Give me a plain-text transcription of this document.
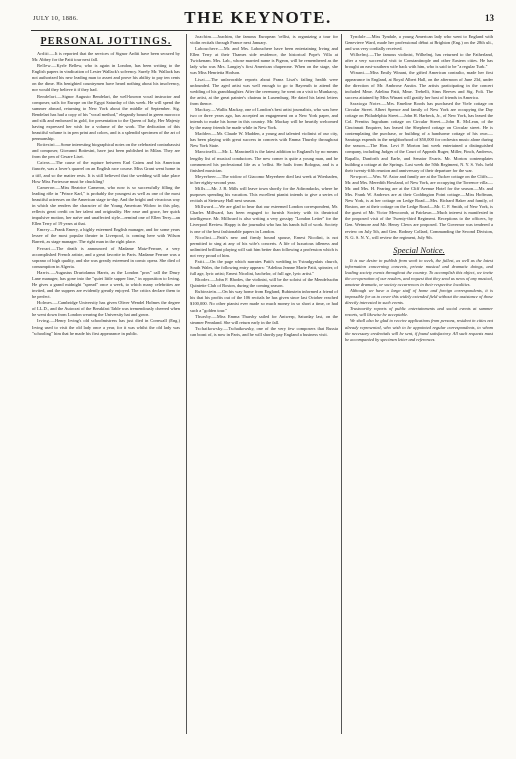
JULY 10, 1886.	THE KEYNOTE.	13
PERSONAL JOTTINGS.

Arditi.—It is reported that the services of Signor Arditi have been secured by Mr. Abbey for the Patti tour next fall.

Bellew.—Kyrle Bellew, who is again in London, has been writing to the English papers in vindication of Lester Wallack's solvency. Surely Mr. Wallack has not authorized his new leading man to assert and prove his ability to pay ten cents on the dime. His benighted countrymen have heard nothing about his insolvency, nor would they believe it if they had.

Bendelari.—Signor Augusto Bendelari, the well-known vocal instructor and composer, sails for Europe on the Egypt Saturday of this week. He will spend the summer abroad, returning to New York about the middle of September. Sig. Bendelari has had a copy of his "vocal method," elegantly bound in green morocco and silk and embossed in gold, for presentation to the Queen of Italy, Her Majesty having expressed her wish for a volume of the work. The dedication of this beautiful volume is in pen print and colors, and is a splendid specimen of the art of penmanship.

Bottesini.—Some interesting biographical notes on the celebrated contrabassist and composer, Giovanni Bottesini, have just been published in Milan. They are from the pen of Cesare Lisei.

Cairns.—The cause of the rupture between Earl Cairns and his American fiancée, was a lover's quarrel on an English race course. Miss Grant went home in a tiff, and so the matter rests. It is still believed that the wedding will take place How Miss Fortescue must be chuckling!

Cameron.—Miss Beatrice Cameron, who now is so successfully filling the leading rôle in "Prince Karl," is probably the youngest as well as one of the most beautiful actresses on the American stage to-day. And the bright and vivacious way in which she renders the character of the Young American Widow in this play, reflects great credit on her talent and originality. Her ease and grace, her quick impulsive motion, her naïve and unaffected style—remind one of Ellen Terry—an Ellen Terry of 19 years at that.

Emery—Frank Emery, a highly esteemed English manager, and for some years lessee of the most popular theatre in Liverpool, is coming here with Wilson Barrett, as stage manager. The right man in the right place.

Ferrari.—The death is announced of Madame Matz-Ferrare, a very accomplished French artiste, and a great favorite in Paris. Madame Ferrare was a soprano of high quality, and she was greatly esteemed in comic opera. She died of consumption in Algeria.

Harris.—Augustus Druriolanus Harris, as the London "pros" call the Drury Lane manager, has gone into the "quiet little supper line," in opposition to Irving. He gives a grand midnight "spread" once a week, to which many celebrities are invited, and the suppers are evidently greatly enjoyed. The critics declare them to be perfect.

Holmes.—Cambridge University has given Oliver Wendel Holmes the degree of LL.D., and the Autocrat of the Breakfast Table was tremendously cheered when he went down from London wearing the University hat and gown.

Irving.—Henry Irving's old schoolmistress has just died in Cornwall (Eng.) Irving used to visit the old lady once a year, for it was whilst the old lady was "schooling" him that he made his first appearance in public.

Joachim.—Joachim, the famous European 'cellist, is organizing a tour for violin recitals through France next January.

Labouchere.—Mr. and Mrs. Labouchere have been entertaining Irving and Ellen Terry at their Thames side residence, the historical Pope's Villa at Twickenam. Mrs. Lab., whose married name is Pigeon, will be remembered as the lady who was Mrs. Langtry's first American chaperone. When on the stage, she was Miss Henrietta Hodson.

Liszt.—The unfavorable reports about Franz Liszt's failing health were unfounded. The aged artist was well enough to go to Bayreuth to attend the wedding of his granddaughter. After the ceremony, he went on a visit to Munkacsy, the artist, at the great painter's chateau in Luxemburg. He dated his latest letters from thence.

Mackay.—Wallis Mackay, one of London's best artist journalists, who was here two or three years ago, has accepted an engagement on a New York paper, and intends to make his home in this country. Mr. Mackay will be heartily welcomed by the many friends he made while in New York.

Madden.—Mr. Claude W. Madden, a young and talented violinist of our city, has been playing with great success in concerts with Emma Thursby throughout New York State.

Mancinelli.—Mr. L. Mancinelli is the latest addition to England's by no means lengthy list of musical conductors. The new comer is quite a young man, and he commenced his professional life as a 'cellist. He hails from Bologna, and is a finished musician.

Meyerbeer.—The widow of Giacomo Meyerbeer died last week at Wiesbaden, in her eighty-second year.

Mills.—Mr. J. B. Mills will leave town shortly for the Adirondacks, where he purposes spending his vacation. This excellent pianist intends to give a series of recitals at Steinway Hall next season.

Millward.—We are glad to hear that our esteemed London correspondent, Mr. Charles Millward, has been engaged to furnish Society with its theatrical intelligence. Mr. Millward is also writing a very gossipy "London Letter" for the Liverpool Review. Happy is the journalist who has his hands full of work. Society is one of the best fashionable papers in London.

Nicolini.—Patti's new and firmly bound spouse, Ernest Nicolini, is not permitted to sing at any of his wife's concerts. A life of luxurious idleness and unlimited brilliant playing will suit him better than following a profession which is not very proud of him.

Patti.—On the page which narrates Patti's wedding in Ystradgynlais church, South Wales, the following entry appears: "Adelina Jeanne Marie Patti, spinster, of full age, lyric artist; Ernest Nicolini, bachelor, of full age, lyric artist."

Rhodes.—John F. Rhodes, the violinist, will be the soloist of the Mendelssohn Quintette Club of Boston, during the coming season.

Rubinstein.—On his way home from England, Rubinstein informed a friend of his that his profits out of the 106 recitals he has given since last October reached $100,000. No other pianist ever made so much money in so short a time, or had such a "golden tour."

Thursby.—Miss Emma Thursby sailed for Antwerp, Saturday last, on the steamer Pennland. She will return early in the fall.

Tschaikowsky.—Tschaikowsky, one of the very few composers that Russia can boast of, is now in Paris, and he will shortly pay England a business visit.

Tyndale.—Miss Tyndale, a young American lady who went to England with Genevieve Ward, made her professional début at Brighton (Eng.) on the 28th ult., and was very cordially received.

Wilhelmj.—The famous violinist, Wilhelmj, has returned to the Fatherland, after a very successful visit to Constantinople and other Eastern cities. He has brought an east-southern wife back with him, who is said to be "a regular Turk."

Winant.—Miss Emily Winant, the gifted American contralto, made her first appearance in England, at Royal Albert Hall, on the afternoon of June 23d, under the direction of Mr. Ambrose Austin. The artists participating in the concert included Mme. Adelina Patti, Mme. Trebelli, Sims Reeves and Sig. Foli. The success attained by Miss Winant will gratify her host of friends in America.

Saratoga Notes.—Mrs. Emeline Roods has purchased the Viele cottage on Circular Street. Albert Spence and family of New York are occupying the Day cottage on Philadelphia Street.—John H. Harbeck, Jr., of New York, has leased the Col. Prentiss Ingraham cottage on Circular Street.—John R. McLean, of the Cincinnati Enquirer, has leased the Shepherd cottage on Circular street. He is contemplating the purchase, or building of a handsome cottage of his own.—Saratoga expends in the neighborhood of $50,000 for orchestra music alone during the season.—The Hon. Levi P. Morton last week entertained a distinguished company, including Judges of the Court of Appeals Ruger, Miller, Finch, Andrews, Rapallo, Danforth and Earle, and Senator Evarts. Mr. Morton contemplates building a cottage at the Springs. Last week the 50th Regiment, N. Y. S. Vols. held their twenty-fifth reunion and anniversary of their departure for the war.

Newport.—Wm. W. Astor and family are at the Tucker cottage on the Cliffs.—Mr. and Mrs. Meredith Howland, of New York, are occupying the Torrence villa.—Mr. and Mrs. H. Fearing are at the Cliff Avenue Hotel for the season.—Mr. and Mrs. Frank W. Andrews are at their Coddington Point cottage.—Miss Hoffman, New York, is at her cottage on Ledge Road.—Mrs. Richard Baker and family, of Boston, are at their cottage on the Ledge Road.—Mr. C. F. Smith, of New York, is the guest of Mr. Victor Mewcomb, at Fairlawn.—Much interest is manifested in the proposed visit of the Twenty-third Regiment. Receptions to the officers, by Gen. Wetmore and Mr. Henry Clews are proposed. The Governor was tendered a review on July 5th, and Gen. Rodney Collard, Commanding the Second Division, N. G. S. N. Y., will review the regiment, July 9th.

Special Notice.

It is our desire to publish from week to week, the fullest, as well as the latest information concerning concerts, private musical and dramatic doings, and leading society events throughout the country. To accomplish this object, we invite the co-operation of our readers, and request that they send us news of any musical, amateur dramatic, or society occurrences in their respective localities.

Although we have a large staff of home and foreign correspondents, it is impossible for us to cover this widely extended field without the assistance of those directly interested in such events.

Trustworthy reports of public entertainments and social events at summer resorts, will likewise be acceptable.

We shall also be glad to receive applications from persons, resident in cities not already represented, who wish to be appointed regular correspondents, to whom the necessary credentials will be sent, if found satisfactory. All such requests must be accompanied by specimen letter and references.
